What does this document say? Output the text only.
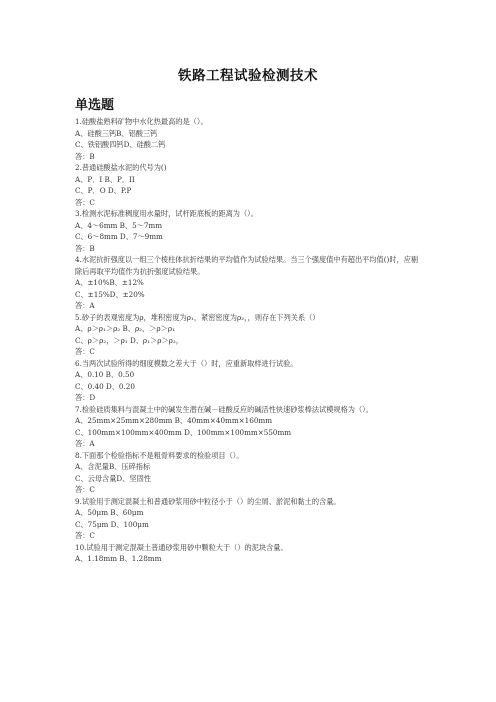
铁路工程试验检测技术
单选题
1.硅酸盐熟料矿物中水化热最高的是（）。
A、硅酸三钙B、铝酸三钙
C、铁铝酸四钙D、硅酸二钙
答：B
2.普通硅酸盐水泥的代号为()
A、P．I B、P．II
C、P．O D、P.P
答：C
3.检测水泥标准稠度用水量时，试杆距底板的距离为（）。
A、4～6mm B、5～7mm
C、6～8mm D、7～9mm
答：B
4.水泥抗折强度以一组三个棱柱体抗折结果的平均值作为试验结果。当三个强度值中有超出平均值()时，应剔除后再取平均值作为抗折强度试验结果。
A、±10%B、±12%
C、±15%D、±20%
答：A
5.砂子的表观密度为ρ，堆积密度为ρ₁，紧密密度为ρ₂，，则存在下列关系（）
A、ρ＞ρ₁＞ρ₂ B、ρ₂，＞ρ＞ρ₁
C、ρ＞ρ₂，＞ρ₁ D、ρ₁＞ρ＞ρ₂，
答：C
6.当两次试验所得的细度模数之差大于（）时，应重新取样进行试验。
A、0.10 B、0.50
C、0.40 D、0.20
答：D
7.检验硅质集料与混凝土中的碱发生潜在碱－硅酸反应的碱活性快速砂浆棒法试模规格为（）。
A、25mm×25mm×280mm B、40mm×40mm×160mm
C、100mm×100mm×400mm D、100mm×100mm×550mm
答：A
8.下面那个检验指标不是粗骨料要求的检验项目（）。
A、含泥量B、压碎指标
C、云母含量D、坚固性
答：C
9.试验用于测定混凝土和普通砂浆用砂中粒径小于（）的尘屑、淤泥和黏土的含量。
A、50μm B、60μm
C、75μm D、100μm
答：C
10.试验用于测定混凝土普通砂浆用砂中颗粒大于（）的泥块含量。
A、1.18mm B、1.28mm
